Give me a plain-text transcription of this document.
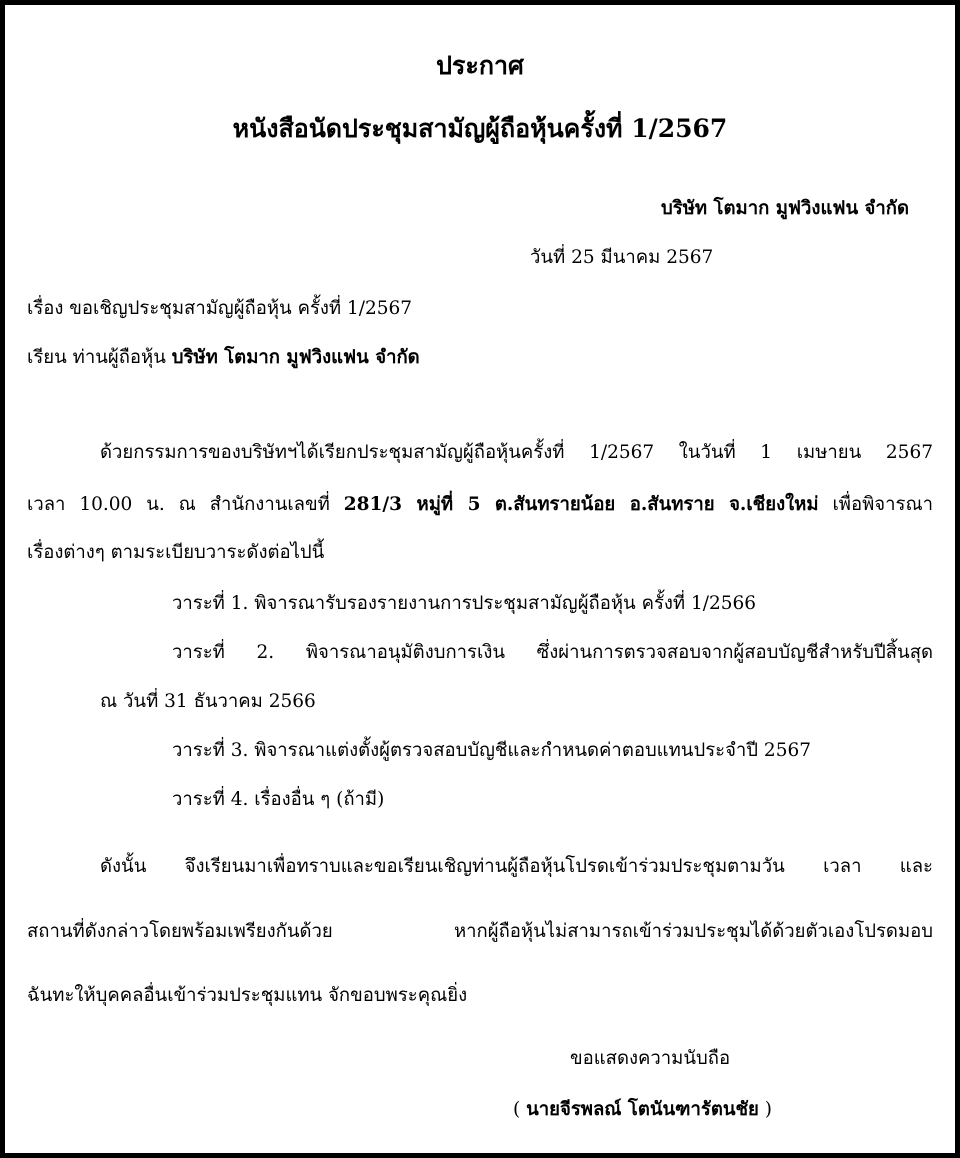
ประกาศ
หนังสือนัดประชุมสามัญผู้ถือหุ้นครั้งที่ 1/2567
บริษัท โตมาก มูฟวิงแฟน จำกัด
วันที่ 25 มีนาคม 2567
เรื่อง ขอเชิญประชุมสามัญผู้ถือหุ้น ครั้งที่ 1/2567
เรียน ท่านผู้ถือหุ้น บริษัท โตมาก มูฟวิงแฟน จำกัด
ด้วยกรรมการของบริษัทฯได้เรียกประชุมสามัญผู้ถือหุ้นครั้งที่ 1/2567 ในวันที่ 1 เมษายน 2567
เวลา 10.00 น. ณ สำนักงานเลขที่ 281/3 หมู่ที่ 5 ต.สันทรายน้อย อ.สันทราย จ.เชียงใหม่ เพื่อพิจารณา
เรื่องต่างๆ ตามระเบียบวาระดังต่อไปนี้
วาระที่ 1. พิจารณารับรองรายงานการประชุมสามัญผู้ถือหุ้น ครั้งที่ 1/2566
วาระที่ 2. พิจารณาอนุมัติงบการเงิน ซึ่งผ่านการตรวจสอบจากผู้สอบบัญชีสำหรับปีสิ้นสุด
ณ วันที่ 31 ธันวาคม 2566
วาระที่ 3. พิจารณาแต่งตั้งผู้ตรวจสอบบัญชีและกำหนดค่าตอบแทนประจำปี 2567
วาระที่ 4. เรื่องอื่น ๆ (ถ้ามี)
ดังนั้น จึงเรียนมาเพื่อทราบและขอเรียนเชิญท่านผู้ถือหุ้นโปรดเข้าร่วมประชุมตามวัน เวลา และ
สถานที่ดังกล่าวโดยพร้อมเพรียงกันด้วย หากผู้ถือหุ้นไม่สามารถเข้าร่วมประชุมได้ด้วยตัวเองโปรดมอบ
ฉันทะให้บุคคลอื่นเข้าร่วมประชุมแทน จักขอบพระคุณยิ่ง
ขอแสดงความนับถือ
( นายจีรพลณ์ โตนันฑารัตนชัย )
